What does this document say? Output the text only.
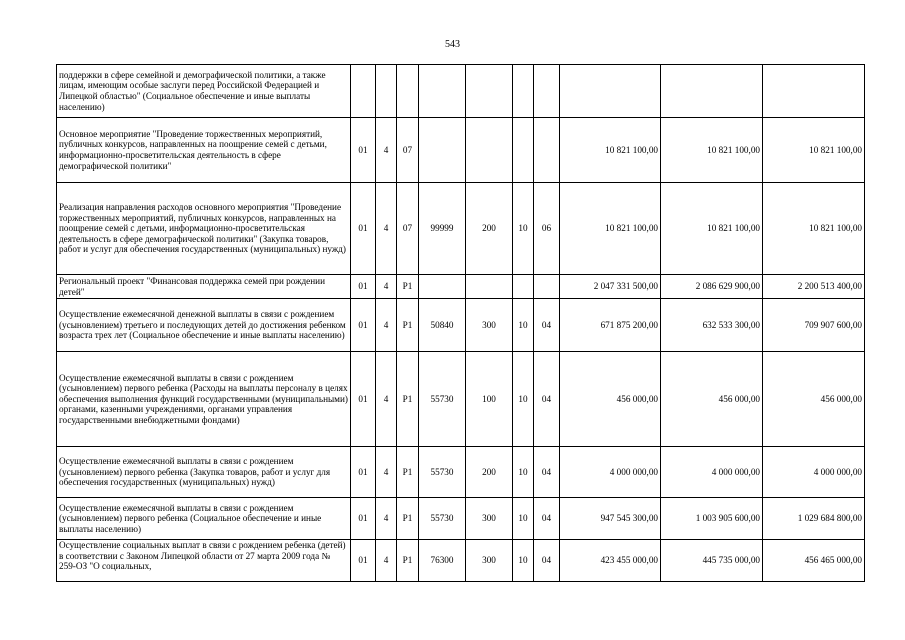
543
поддержки в сфере семейной и демографической политики, а также лицам, имеющим особые заслуги перед Российской Федерацией и Липецкой областью" (Социальное обеспечение и иные выплаты населению)										
Основное мероприятие "Проведение торжественных мероприятий, публичных конкурсов, направленных на поощрение семей с детьми, информационно-просветительская деятельность в сфере демографической политики"	01	4	07					10 821 100,00	10 821 100,00	10 821 100,00
Реализация направления расходов основного мероприятия "Проведение торжественных мероприятий, публичных конкурсов, направленных на поощрение семей с детьми, информационно-просветительская деятельность в сфере демографической политики" (Закупка товаров, работ и услуг для обеспечения государственных (муниципальных) нужд)	01	4	07	99999	200	10	06	10 821 100,00	10 821 100,00	10 821 100,00
Региональный проект "Финансовая поддержка семей при рождении детей"	01	4	P1					2 047 331 500,00	2 086 629 900,00	2 200 513 400,00
Осуществление ежемесячной денежной выплаты в связи с рождением (усыновлением) третьего и последующих детей до достижения ребенком возраста трех лет (Социальное обеспечение и иные выплаты населению)	01	4	P1	50840	300	10	04	671 875 200,00	632 533 300,00	709 907 600,00
Осуществление ежемесячной выплаты в связи с рождением (усыновлением) первого ребенка (Расходы на выплаты персоналу в целях обеспечения выполнения функций государственными (муниципальными) органами, казенными учреждениями, органами управления государственными внебюджетными фондами)	01	4	P1	55730	100	10	04	456 000,00	456 000,00	456 000,00
Осуществление ежемесячной выплаты в связи с рождением (усыновлением) первого ребенка (Закупка товаров, работ и услуг для обеспечения государственных (муниципальных) нужд)	01	4	P1	55730	200	10	04	4 000 000,00	4 000 000,00	4 000 000,00
Осуществление ежемесячной выплаты в связи с рождением (усыновлением) первого ребенка (Социальное обеспечение и иные выплаты населению)	01	4	P1	55730	300	10	04	947 545 300,00	1 003 905 600,00	1 029 684 800,00
Осуществление социальных выплат в связи с рождением ребенка (детей) в соответствии с Законом Липецкой области от 27 марта 2009 года № 259-ОЗ "О социальных,	01	4	P1	76300	300	10	04	423 455 000,00	445 735 000,00	456 465 000,00
